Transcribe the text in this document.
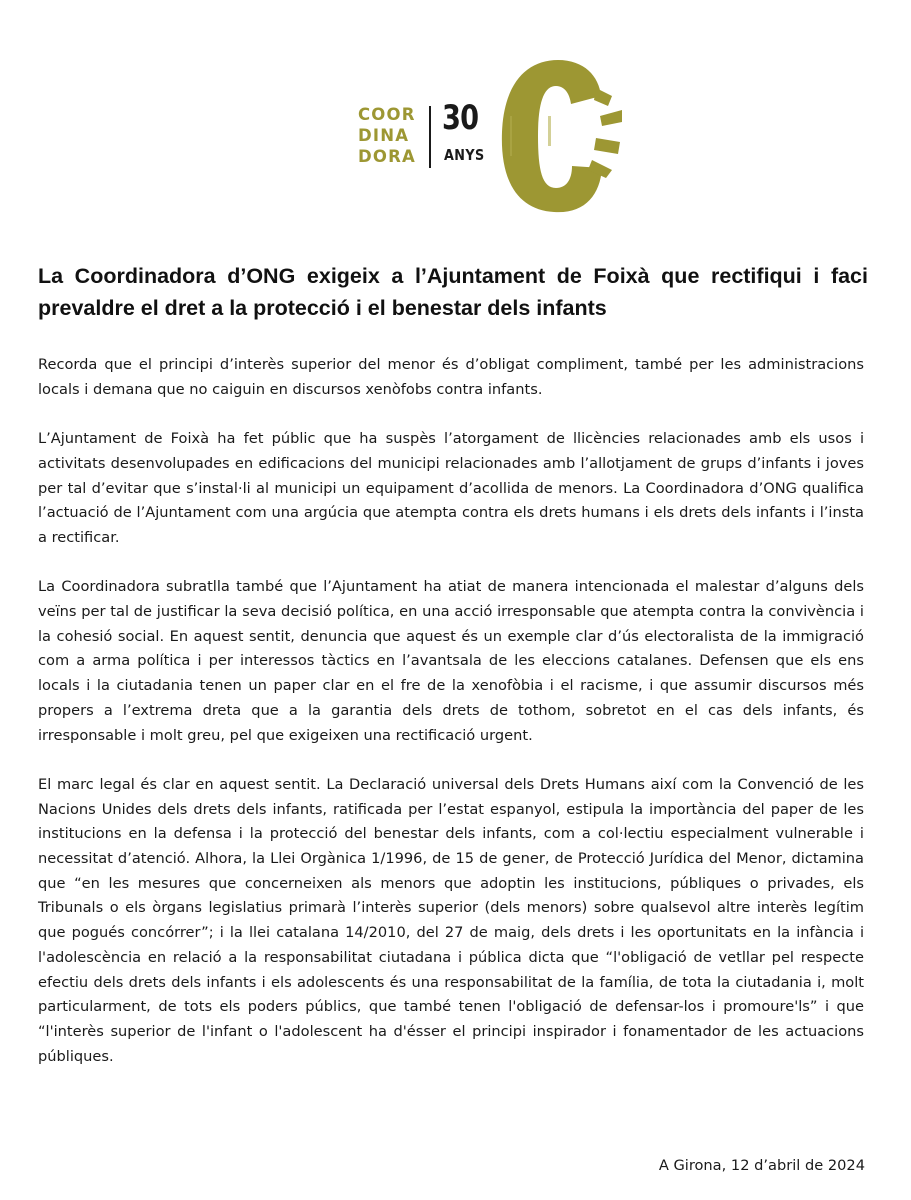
COOR
DINA
DORA
30
ANYS
La Coordinadora d’ONG exigeix a l’Ajuntament de Foixà que rectifiqui i faci prevaldre el dret a la protecció i el benestar dels infants

Recorda que el principi d’interès superior del menor és d’obligat compliment, també per les administracions locals i demana que no caiguin en discursos xenòfobs contra infants.

L’Ajuntament de Foixà ha fet públic que ha suspès l’atorgament de llicències relacionades amb els usos i activitats desenvolupades en edificacions del municipi relacionades amb l’allotjament de grups d’infants i joves per tal d’evitar que s’instal·li al municipi un equipament d’acollida de menors. La Coordinadora d’ONG qualifica l’actuació de l’Ajuntament com una argúcia que atempta contra els drets humans i els drets dels infants i l’insta a rectificar.

La Coordinadora subratlla també que l’Ajuntament ha atiat de manera intencionada el malestar d’alguns dels veïns per tal de justificar la seva decisió política, en una acció irresponsable que atempta contra la convivència i la cohesió social. En aquest sentit, denuncia que aquest és un exemple clar d’ús electoralista de la immigració com a arma política i per interessos tàctics en l’avantsala de les eleccions catalanes. Defensen que els ens locals i la ciutadania tenen un paper clar en el fre de la xenofòbia i el racisme, i que assumir discursos més propers a l’extrema dreta que a la garantia dels drets de tothom, sobretot en el cas dels infants, és irresponsable i molt greu, pel que exigeixen una rectificació urgent.

El marc legal és clar en aquest sentit. La Declaració universal dels Drets Humans així com la Convenció de les Nacions Unides dels drets dels infants, ratificada per l’estat espanyol, estipula la importància del paper de les institucions en la defensa i la protecció del benestar dels infants, com a col·lectiu especialment vulnerable i necessitat d’atenció. Alhora, la Llei Orgànica 1/1996, de 15 de gener, de Protecció Jurídica del Menor, dictamina que “en les mesures que concerneixen als menors que adoptin les institucions, públiques o privades, els Tribunals o els òrgans legislatius primarà l’interès superior (dels menors) sobre qualsevol altre interès legítim que pogués concórrer”; i la llei catalana 14/2010, del 27 de maig, dels drets i les oportunitats en la infància i l'adolescència en relació a la responsabilitat ciutadana i pública dicta que “l'obligació de vetllar pel respecte efectiu dels drets dels infants i els adolescents és una responsabilitat de la família, de tota la ciutadania i, molt particularment, de tots els poders públics, que també tenen l'obligació de defensar-los i promoure'ls” i que “l'interès superior de l'infant o l'adolescent ha d'ésser el principi inspirador i fonamentador de les actuacions públiques.

A Girona, 12 d’abril de 2024
